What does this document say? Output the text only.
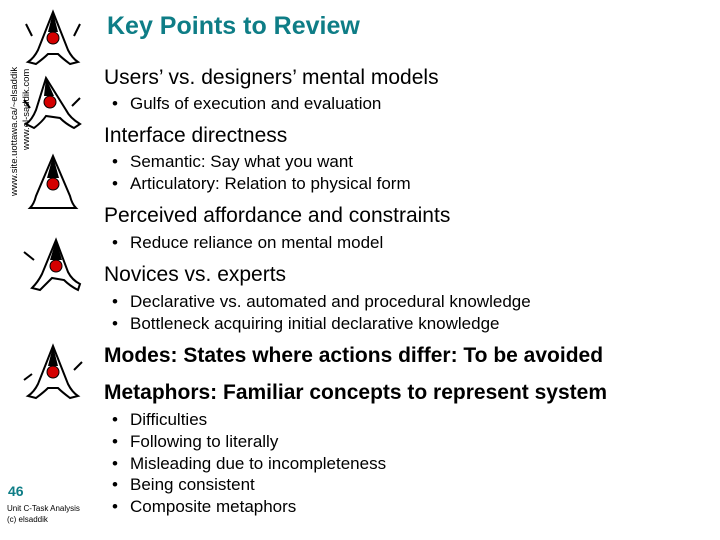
www.site.uottawa.ca/~elsaddik www.el-saddik.com
Key Points to Review
Users’ vs. designers’ mental models
• Gulfs of execution and evaluation
Interface directness
• Semantic: Say what you want
• Articulatory: Relation to physical form
Perceived affordance and constraints
• Reduce reliance on mental model
Novices vs. experts
• Declarative vs. automated and procedural knowledge
• Bottleneck acquiring initial declarative knowledge
Modes: States where actions differ: To be avoided
Metaphors: Familiar concepts to represent system
• Difficulties
• Following to literally
• Misleading due to incompleteness
• Being consistent
• Composite metaphors
46
Unit C-Task Analysis
(c) elsaddik
